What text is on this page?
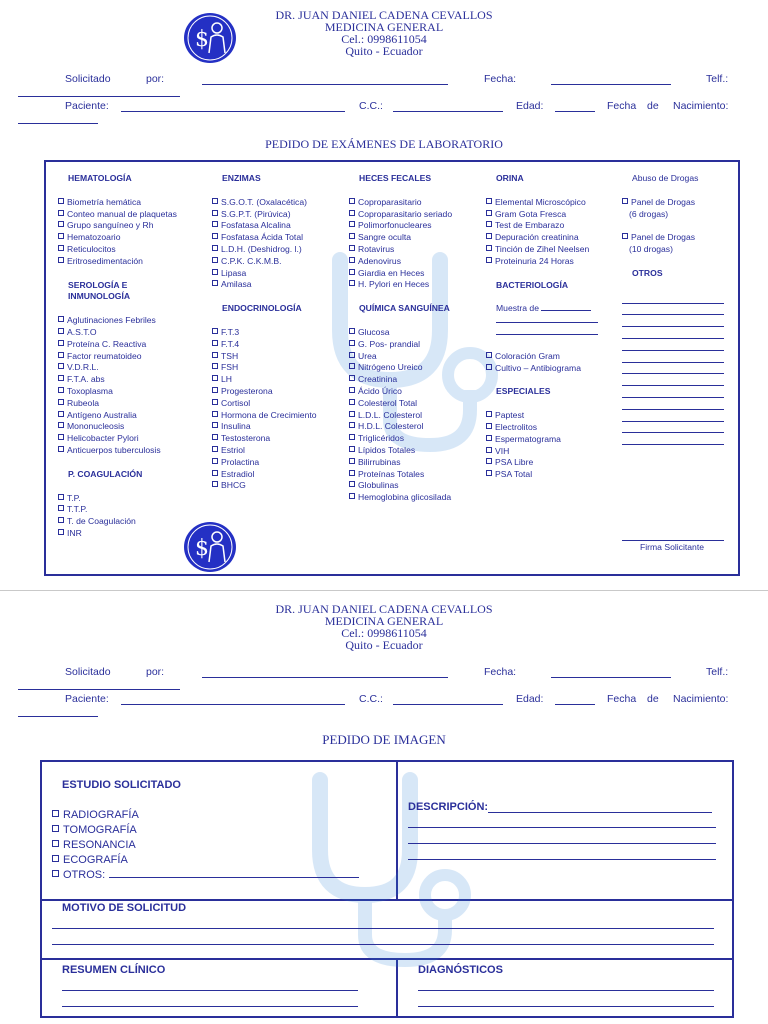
$
DR. JUAN DANIEL CADENA CEVALLOS
MEDICINA GENERAL
Cel.: 0998611054
Quito - Ecuador
Solicitado	por:	Fecha:	Telf.:
Paciente:	C.C.:	Edad:	Fecha de Nacimiento:
PEDIDO DE EXÁMENES DE LABORATORIO
HEMATOLOGÍA
Biometría hemática
Conteo manual de plaquetas
Grupo sanguíneo y Rh
Hematozoario
Reticulocitos
Eritrosedimentación
SEROLOGÍA E
INMUNOLOGÍA
Aglutinaciones Febriles
A.S.T.O
Proteína C. Reactiva
Factor reumatoideo
V.D.R.L.
F.T.A. abs
Toxoplasma
Rubeola
Antígeno Australia
Mononucleosis
Helicobacter Pylori
Anticuerpos tuberculosis
P. COAGULACIÓN
T.P.
T.T.P.
T. de Coagulación
INR
ENZIMAS
S.G.O.T. (Oxalacética)
S.G.P.T. (Pirúvica)
Fosfatasa Alcalina
Fosfatasa Ácida Total
L.D.H. (Deshidrog. l.)
C.P.K. C.K.M.B.
Lipasa
Amilasa
ENDOCRINOLOGÍA
F.T.3
F.T.4
TSH
FSH
LH
Progesterona
Cortisol
Hormona de Crecimiento
Insulina
Testosterona
Estriol
Prolactina
Estradiol
BHCG
$
HECES FECALES
Coproparasitario
Coproparasitario seriado
Polimorfonucleares
Sangre oculta
Rotavirus
Adenovirus
Giardia en Heces
H. Pylori en Heces
QUÍMICA SANGUÍNEA
Glucosa
G. Pos- prandial
Urea
Nitrógeno Ureico
Creatinina
Ácido Úrico
Colesterol Total
L.D.L. Colesterol
H.D.L. Colesterol
Triglicéridos
Lípidos Totales
Bilirrubinas
Proteínas Totales
Globulinas
Hemoglobina glicosilada
ORINA
Elemental Microscópico
Gram Gota Fresca
Test de Embarazo
Depuración creatinina
Tinción de Zihel Neelsen
Proteinuria 24 Horas
BACTERIOLOGÍA
Muestra de
Coloración Gram
Cultivo – Antibiograma
ESPECIALES
Paptest
Electrolitos
Espermatograma
VIH
PSA Libre
PSA Total
Abuso de Drogas
Panel de Drogas
(6 drogas)
Panel de Drogas
(10 drogas)
OTROS
Firma Solicitante
DR. JUAN DANIEL CADENA CEVALLOS
MEDICINA GENERAL
Cel.: 0998611054
Quito - Ecuador
Solicitado	por:	Fecha:	Telf.:
Paciente:	C.C.:	Edad:	Fecha de Nacimiento:
PEDIDO DE IMAGEN
ESTUDIO SOLICITADO
RADIOGRAFÍA
TOMOGRAFÍA
RESONANCIA
ECOGRAFÍA
OTROS:
DESCRIPCIÓN:
MOTIVO DE SOLICITUD
RESUMEN CLÍNICO	DIAGNÓSTICOS
